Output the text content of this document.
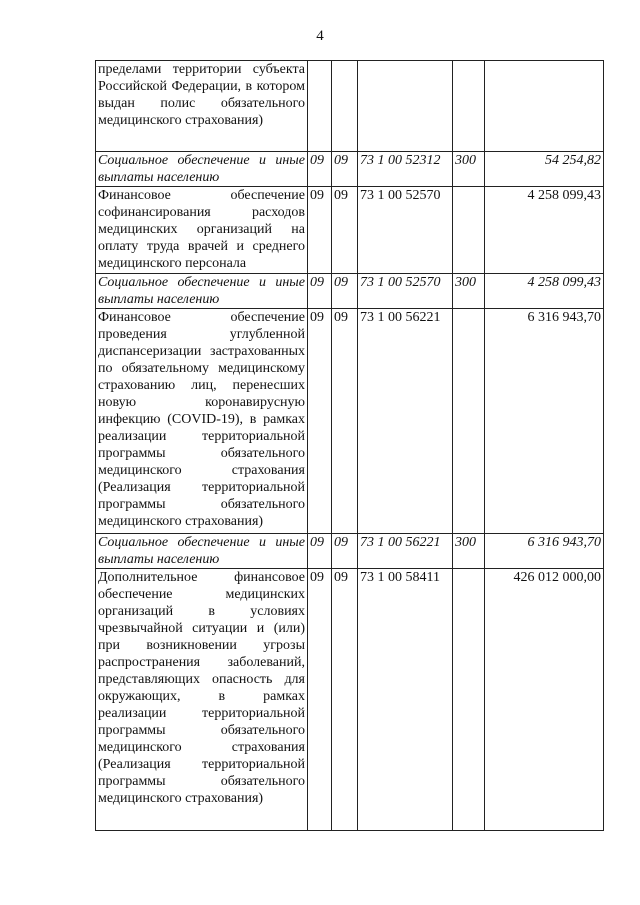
4
пределами территории субъекта Российской Федерации, в котором выдан полис обязательного медицинского страхования)					
Социальное обеспечение и иные выплаты населению	09	09	73 1 00 52312	300	54 254,82
Финансовое обеспечение софинансирования расходов медицинских организаций на оплату труда врачей и среднего медицинского персонала	09	09	73 1 00 52570		4 258 099,43
Социальное обеспечение и иные выплаты населению	09	09	73 1 00 52570	300	4 258 099,43
Финансовое обеспечение проведения углубленной диспансеризации застрахованных по обязательному медицинскому страхованию лиц, перенесших новую коронавирусную инфекцию (COVID-19), в рамках реализации территориальной программы обязательного медицинского страхования (Реализация территориальной программы обязательного медицинского страхования)	09	09	73 1 00 56221		6 316 943,70
Социальное обеспечение и иные выплаты населению	09	09	73 1 00 56221	300	6 316 943,70
Дополнительное финансовое обеспечение медицинских организаций в условиях чрезвычайной ситуации и (или) при возникновении угрозы распространения заболеваний, представляющих опасность для окружающих, в рамках реализации территориальной программы обязательного медицинского страхования (Реализация территориальной программы обязательного медицинского страхования)	09	09	73 1 00 58411		426 012 000,00
